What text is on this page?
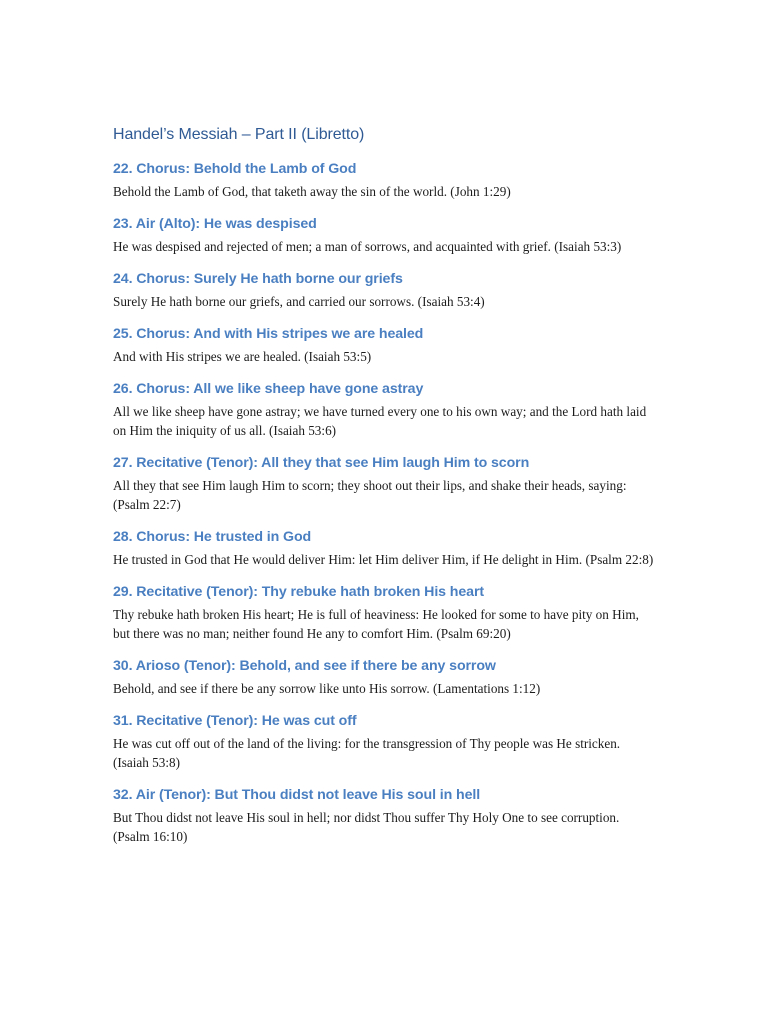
Handel’s Messiah – Part II (Libretto)
22. Chorus: Behold the Lamb of God

Behold the Lamb of God, that taketh away the sin of the world. (John 1:29)

23. Air (Alto): He was despised

He was despised and rejected of men; a man of sorrows, and acquainted with grief. (Isaiah 53:3)

24. Chorus: Surely He hath borne our griefs

Surely He hath borne our griefs, and carried our sorrows. (Isaiah 53:4)

25. Chorus: And with His stripes we are healed

And with His stripes we are healed. (Isaiah 53:5)

26. Chorus: All we like sheep have gone astray

All we like sheep have gone astray; we have turned every one to his own way; and the Lord hath laid on Him the iniquity of us all. (Isaiah 53:6)

27. Recitative (Tenor): All they that see Him laugh Him to scorn

All they that see Him laugh Him to scorn; they shoot out their lips, and shake their heads, saying: (Psalm 22:7)

28. Chorus: He trusted in God

He trusted in God that He would deliver Him: let Him deliver Him, if He delight in Him. (Psalm 22:8)

29. Recitative (Tenor): Thy rebuke hath broken His heart

Thy rebuke hath broken His heart; He is full of heaviness: He looked for some to have pity on Him, but there was no man; neither found He any to comfort Him. (Psalm 69:20)

30. Arioso (Tenor): Behold, and see if there be any sorrow

Behold, and see if there be any sorrow like unto His sorrow. (Lamentations 1:12)

31. Recitative (Tenor): He was cut off

He was cut off out of the land of the living: for the transgression of Thy people was He stricken. (Isaiah 53:8)

32. Air (Tenor): But Thou didst not leave His soul in hell

But Thou didst not leave His soul in hell; nor didst Thou suffer Thy Holy One to see corruption. (Psalm 16:10)
